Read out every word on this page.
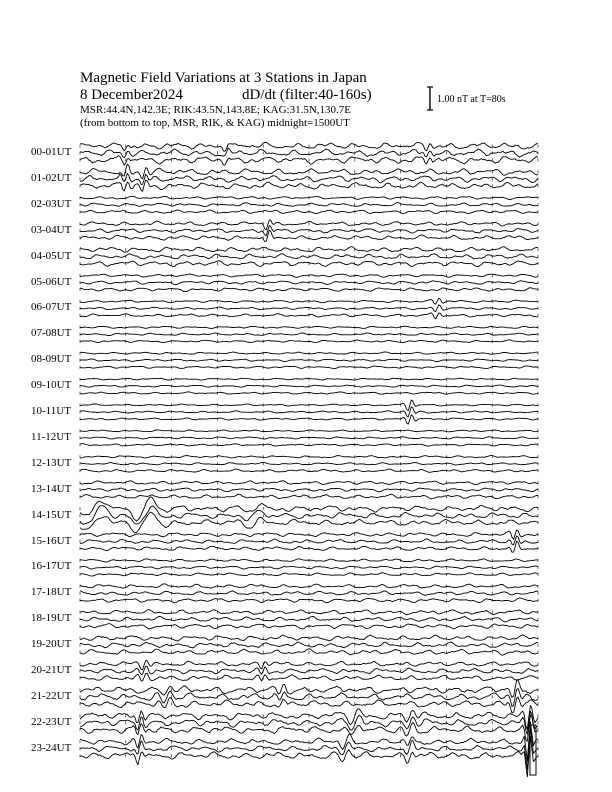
Magnetic Field Variations at 3 Stations in Japan
8 December2024	dD/dt (filter:40-160s)
MSR:44.4N,142.3E; RIK:43.5N,143.8E; KAG:31.5N,130.7E
(from bottom to top, MSR, RIK, & KAG) midnight=1500UT
1.00 nT at T=80s
00-01UT
01-02UT
02-03UT
03-04UT
04-05UT
05-06UT
06-07UT
07-08UT
08-09UT
09-10UT
10-11UT
11-12UT
12-13UT
13-14UT
14-15UT
15-16UT
16-17UT
17-18UT
18-19UT
19-20UT
20-21UT
21-22UT
22-23UT
23-24UT
